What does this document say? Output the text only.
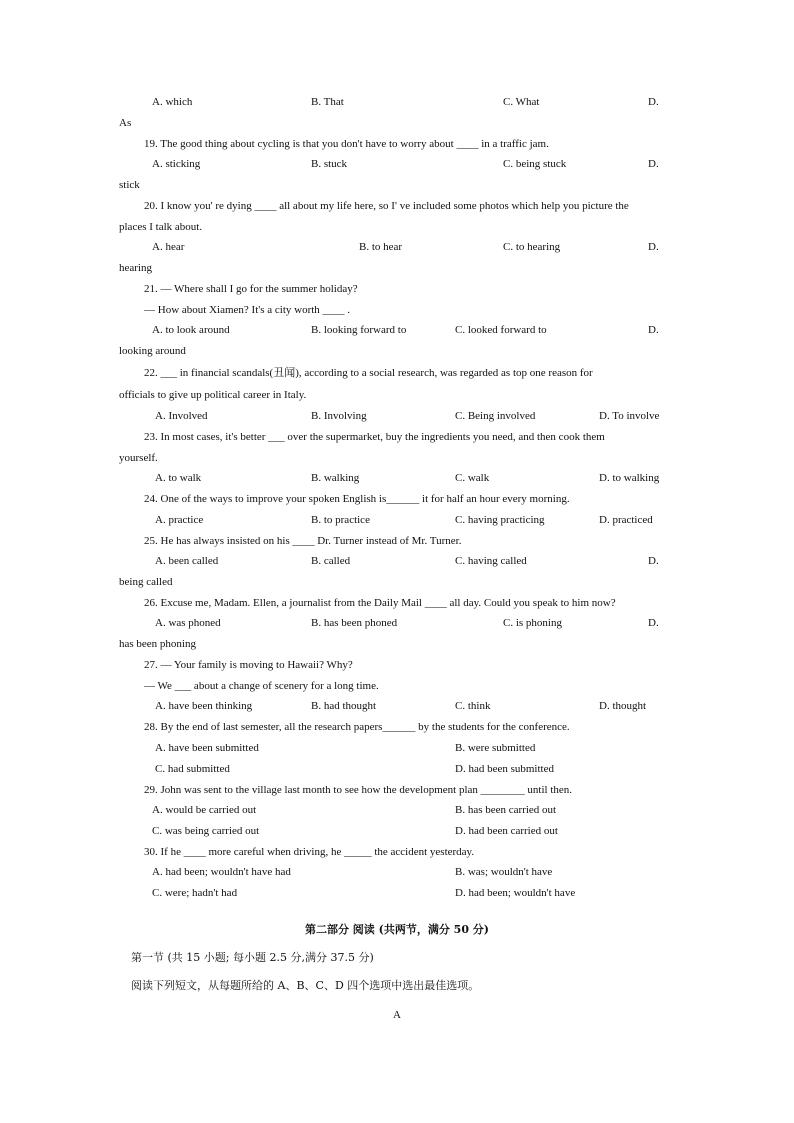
A. which	B. That	C. What	D.
As
19. The good thing about cycling is that you don't have to worry about ____ in a traffic jam.
A. sticking	B. stuck	C. being stuck	D.
stick
20. I know you' re dying ____ all about my life here, so I' ve included some photos which help you picture the
places I talk about.
A. hear	B. to hear	C. to hearing	D.
hearing
21. — Where shall I go for the summer holiday?
— How about Xiamen? It's a city worth ____ .
A. to look around	B. looking forward to	C. looked forward to	D.
looking around
22. ___ in financial scandals(丑闻), according to a social research, was regarded as top one reason for
officials to give up political career in Italy.
A. Involved	B. Involving	C. Being involved	D. To involve
23. In most cases, it's better ___ over the supermarket, buy the ingredients you need, and then cook them
yourself.
A. to walk	B. walking	C. walk	D. to walking
24. One of the ways to improve your spoken English is______ it for half an hour every morning.
A. practice	B. to practice	C. having practicing	D. practiced
25. He has always insisted on his ____ Dr. Turner instead of Mr. Turner.
A. been called	B. called	C. having called	D.
being called
26. Excuse me, Madam. Ellen, a journalist from the Daily Mail ____ all day. Could you speak to him now?
A. was phoned	B. has been phoned	C. is phoning	D.
has been phoning
27. — Your family is moving to Hawaii? Why?
— We ___ about a change of scenery for a long time.
A. have been thinking	B. had thought	C. think	D. thought
28. By the end of last semester, all the research papers______ by the students for the conference.
A. have been submitted	B. were submitted
C. had submitted	D. had been submitted
29. John was sent to the village last month to see how the development plan ________ until then.
A. would be carried out	B. has been carried out
C. was being carried out	D. had been carried out
30. If he ____ more careful when driving, he _____ the accident yesterday.
A. had been; wouldn't have had	B. was; wouldn't have
C. were; hadn't had	D. had been; wouldn't have
第二部分 阅读 (共两节，满分 50 分)
第一节 (共 15 小题; 每小题 2.5 分,满分 37.5 分)
阅读下列短文，从每题所给的 A、B、C、D 四个选项中选出最佳选项。
A
